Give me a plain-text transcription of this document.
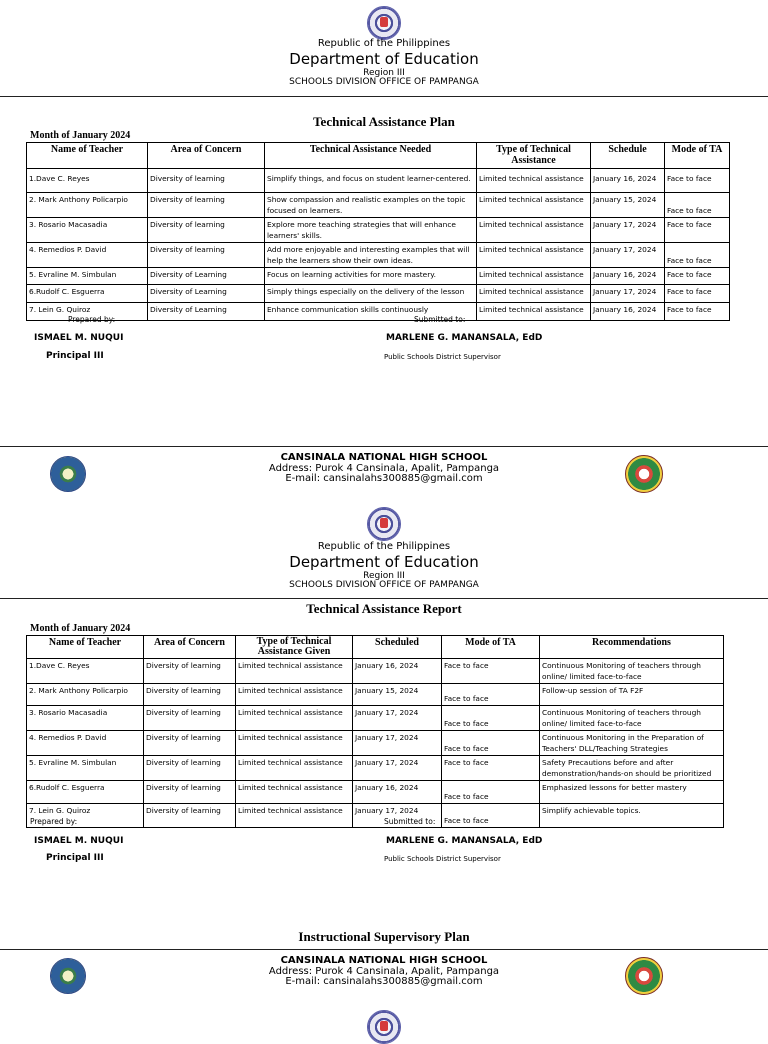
Republic of the Philippines
Department of Education
Region III
SCHOOLS DIVISION OFFICE OF PAMPANGA
Technical Assistance Plan
Month of January 2024
Name of Teacher	Area of Concern	Technical Assistance Needed	Type of Technical Assistance	Schedule	Mode of TA
1.Dave C. Reyes	Diversity of learning	Simplify things, and focus on student learner-centered.	Limited technical assistance	January 16, 2024	Face to face
2. Mark Anthony Policarpio	Diversity of learning	Show compassion and realistic examples on the topic focused on learners.	Limited technical assistance	January 15, 2024	Face to face
3. Rosario Macasadia	Diversity of learning	Explore more teaching strategies that will enhance learners' skills.	Limited technical assistance	January 17, 2024	Face to face
4. Remedios P. David	Diversity of learning	Add more enjoyable and interesting examples that will help the learners show their own ideas.	Limited technical assistance	January 17, 2024	Face to face
5. Evraline M. Simbulan	Diversity of Learning	Focus on learning activities for more mastery.	Limited technical assistance	January 16, 2024	Face to face
6.Rudolf C. Esguerra	Diversity of Learning	Simply things especially on the delivery of the lesson	Limited technical assistance	January 17, 2024	Face to face
7. Lein G. Quiroz	Diversity of Learning	Enhance communication skills continuously	Limited technical assistance	January 16, 2024	Face to face
Prepared by:	Submitted to:
ISMAEL M. NUQUI	MARLENE G. MANANSALA, EdD
Principal III	Public Schools District Supervisor
CANSINALA NATIONAL HIGH SCHOOL
Address: Purok 4 Cansinala, Apalit, Pampanga
E-mail: cansinalahs300885@gmail.com
Republic of the Philippines
Department of Education
Region III
SCHOOLS DIVISION OFFICE OF PAMPANGA
Technical Assistance Report
Month of January 2024
Name of Teacher	Area of Concern	Type of Technical Assistance Given	Scheduled	Mode of TA	Recommendations
1.Dave C. Reyes	Diversity of learning	Limited technical assistance	January 16, 2024	Face to face	Continuous Monitoring of teachers through online/ limited face-to-face
2. Mark Anthony Policarpio	Diversity of learning	Limited technical assistance	January 15, 2024	Face to face	Follow-up session of TA F2F
3. Rosario Macasadia	Diversity of learning	Limited technical assistance	January 17, 2024	Face to face	Continuous Monitoring of teachers through online/ limited face-to-face
4. Remedios P. David	Diversity of learning	Limited technical assistance	January 17, 2024	Face to face	Continuous Monitoring in the Preparation of Teachers' DLL/Teaching Strategies
5. Evraline M. Simbulan	Diversity of learning	Limited technical assistance	January 17, 2024	Face to face	Safety Precautions before and after demonstration/hands-on should be prioritized
6.Rudolf C. Esguerra	Diversity of learning	Limited technical assistance	January 16, 2024	Face to face	Emphasized lessons for better mastery
7. Lein G. Quiroz	Diversity of learning	Limited technical assistance	January 17, 2024	Face to face	Simplify achievable topics.
Prepared by:	Submitted to:
ISMAEL M. NUQUI	MARLENE G. MANANSALA, EdD
Principal III	Public Schools District Supervisor
Instructional Supervisory Plan
CANSINALA NATIONAL HIGH SCHOOL
Address: Purok 4 Cansinala, Apalit, Pampanga
E-mail: cansinalahs300885@gmail.com
